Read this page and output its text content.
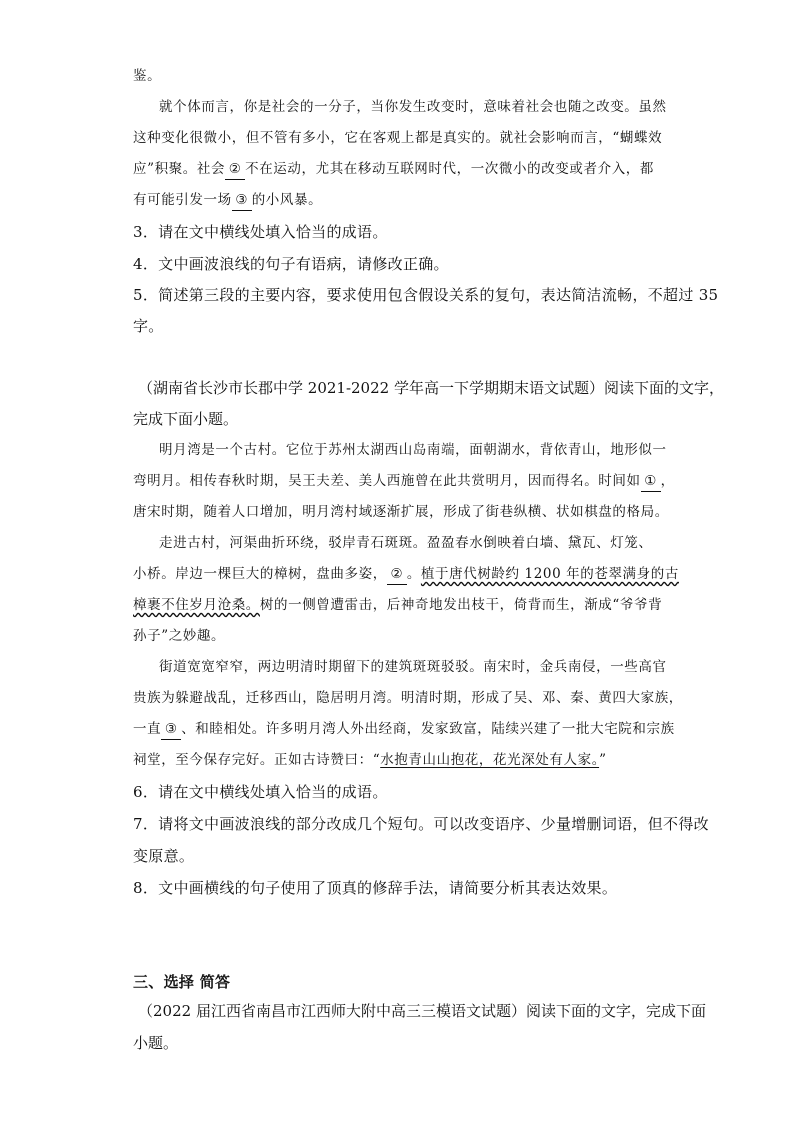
鉴。
就个体而言，你是社会的一分子，当你发生改变时，意味着社会也随之改变。虽然
这种变化很微小，但不管有多小，它在客观上都是真实的。就社会影响而言，“蝴蝶效
应”积聚。社会 ② 不在运动，尤其在移动互联网时代，一次微小的改变或者介入，都
有可能引发一场 ③ 的小风暴。
3．请在文中横线处填入恰当的成语。
4．文中画波浪线的句子有语病，请修改正确。
5．简述第三段的主要内容，要求使用包含假设关系的复句，表达简洁流畅，不超过 35
字。
（湖南省长沙市长郡中学 2021-2022 学年高一下学期期末语文试题）阅读下面的文字，
完成下面小题。
明月湾是一个古村。它位于苏州太湖西山岛南端，面朝湖水，背依青山，地形似一
弯明月。相传春秋时期，吴王夫差、美人西施曾在此共赏明月，因而得名。时间如 ① ，
唐宋时期，随着人口增加，明月湾村域逐渐扩展，形成了街巷纵横、状如棋盘的格局。
走进古村，河渠曲折环绕，驳岸青石斑斑。盈盈春水倒映着白墙、黛瓦、灯笼、
小桥。岸边一棵巨大的樟树，盘曲多姿， ② 。植于唐代树龄约 1200 年的苍翠满身的古
樟裹不住岁月沧桑。树的一侧曾遭雷击，后神奇地发出枝干，倚背而生，渐成“爷爷背
孙子”之妙趣。
街道宽宽窄窄，两边明清时期留下的建筑斑斑驳驳。南宋时，金兵南侵，一些高官
贵族为躲避战乱，迁移西山，隐居明月湾。明清时期，形成了吴、邓、秦、黄四大家族，
一直 ③ 、和睦相处。许多明月湾人外出经商，发家致富，陆续兴建了一批大宅院和宗族
祠堂，至今保存完好。正如古诗赞曰：“水抱青山山抱花，花光深处有人家。”
6．请在文中横线处填入恰当的成语。
7．请将文中画波浪线的部分改成几个短句。可以改变语序、少量增删词语，但不得改
变原意。
8．文中画横线的句子使用了顶真的修辞手法，请简要分析其表达效果。
三、选择 简答
（2022 届江西省南昌市江西师大附中高三三模语文试题）阅读下面的文字，完成下面
小题。
